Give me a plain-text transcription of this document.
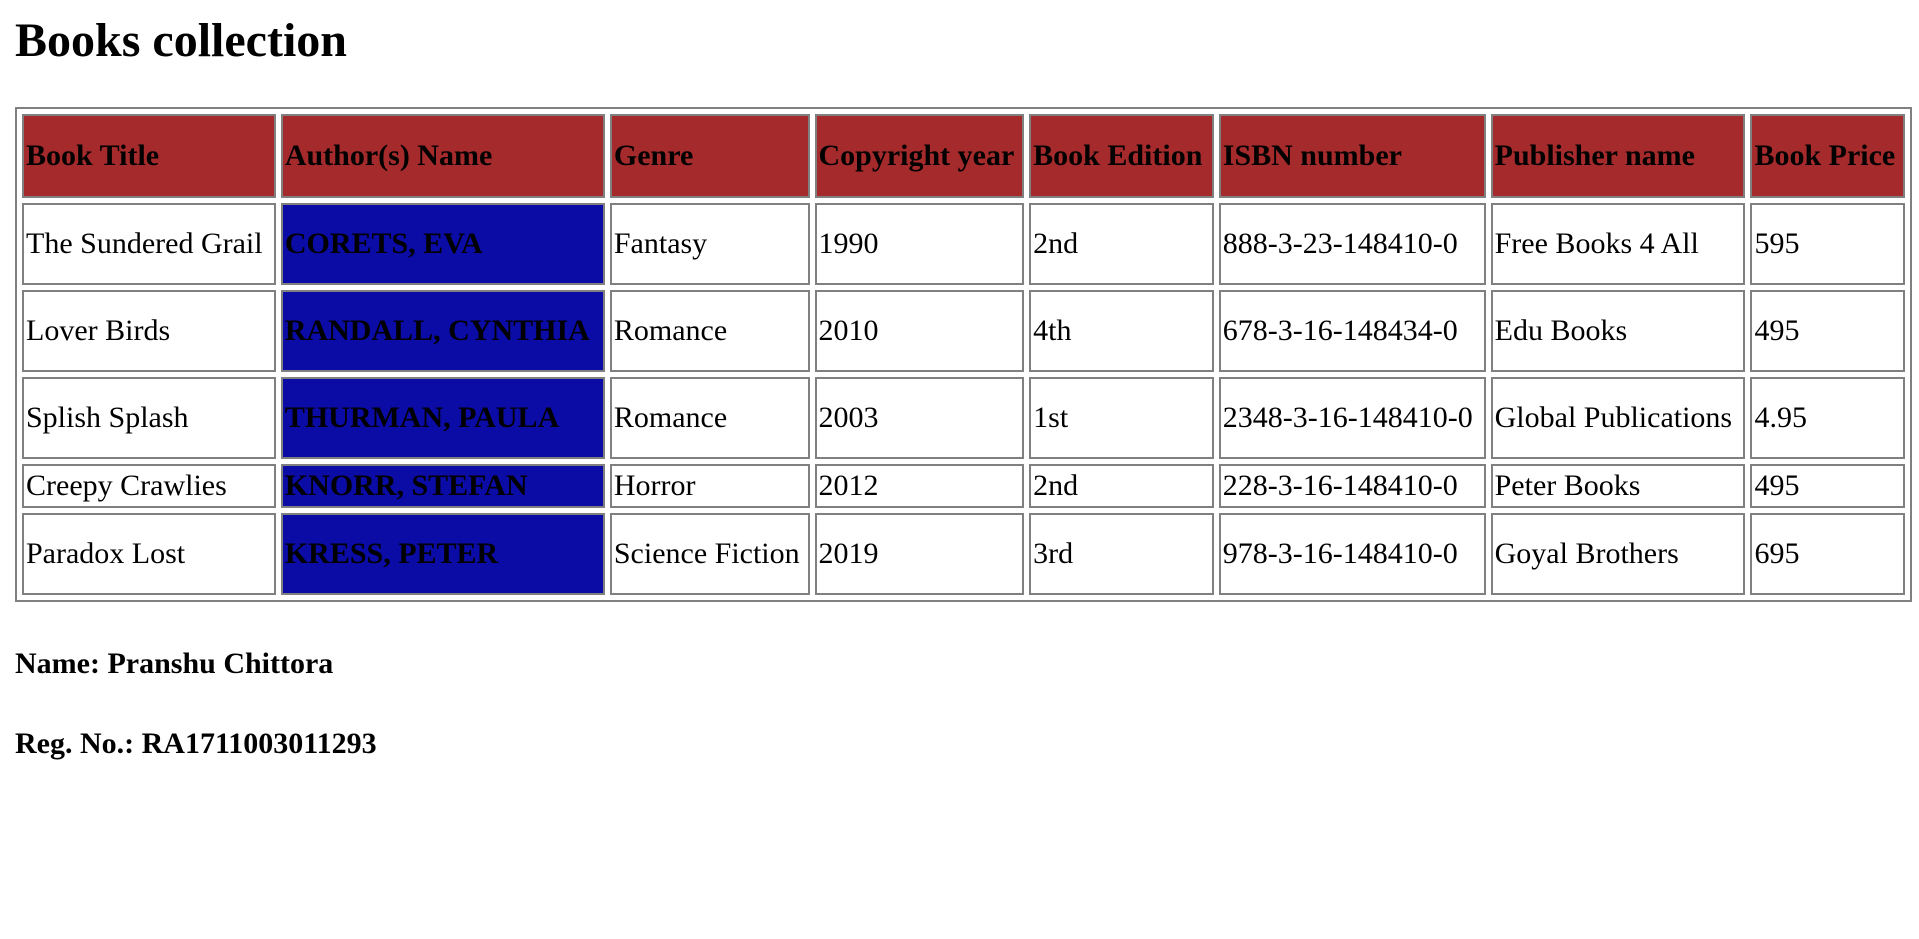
Books collection
Book Title	Author(s) Name	Genre	Copyright year	Book Edition	ISBN number	Publisher name	Book Price
The Sundered Grail	CORETS, EVA	Fantasy	1990	2nd	888-3-23-148410-0	Free Books 4 All	595
Lover Birds	RANDALL, CYNTHIA	Romance	2010	4th	678-3-16-148434-0	Edu Books	495
Splish Splash	THURMAN, PAULA	Romance	2003	1st	2348-3-16-148410-0	Global Publications	4.95
Creepy Crawlies	KNORR, STEFAN	Horror	2012	2nd	228-3-16-148410-0	Peter Books	495
Paradox Lost	KRESS, PETER	Science Fiction	2019	3rd	978-3-16-148410-0	Goyal Brothers	695

Name: Pranshu Chittora

Reg. No.: RA1711003011293
